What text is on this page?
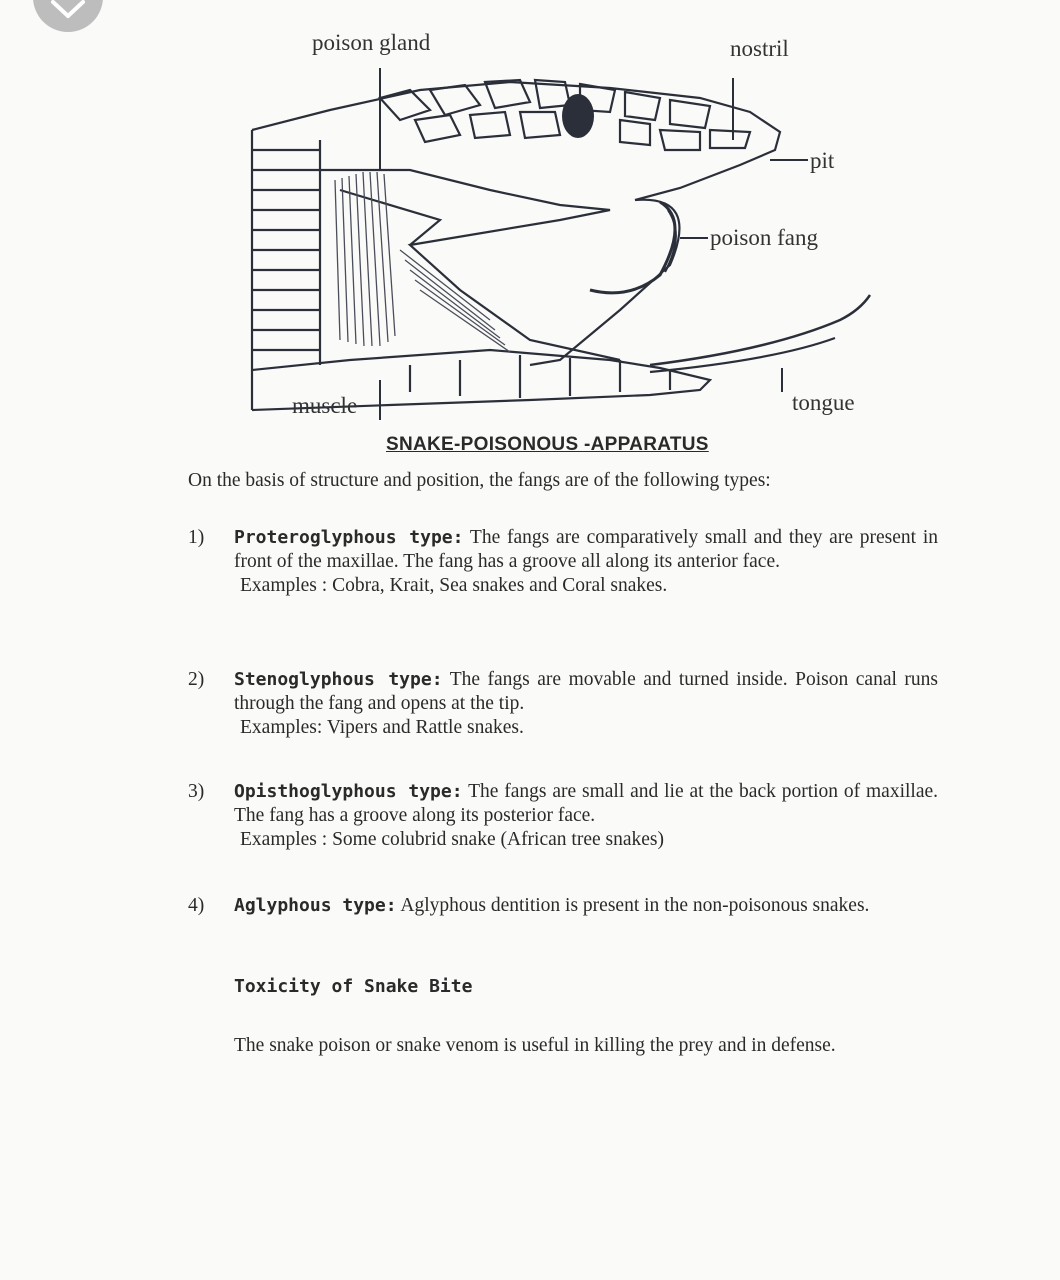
poison gland	nostril
pit
poison fang
muscle	tongue
SNAKE-POISONOUS -APPARATUS
On the basis of structure and position, the fangs are of the following types:
1)	Proteroglyphous type: The fangs are comparatively small and they are present in front of the maxillae. The fang has a groove all along its anterior face.
Examples : Cobra, Krait, Sea snakes and Coral snakes.
2)	Stenoglyphous type: The fangs are movable and turned inside. Poison canal runs through the fang and opens at the tip.
Examples: Vipers and Rattle snakes.
3)	Opisthoglyphous type: The fangs are small and lie at the back portion of maxillae. The fang has a groove along its posterior face.
Examples : Some colubrid snake (African tree snakes)
4)	Aglyphous type: Aglyphous dentition is present in the non-poisonous snakes.
Toxicity of Snake Bite
The snake poison or snake venom is useful in killing the prey and in defense.
